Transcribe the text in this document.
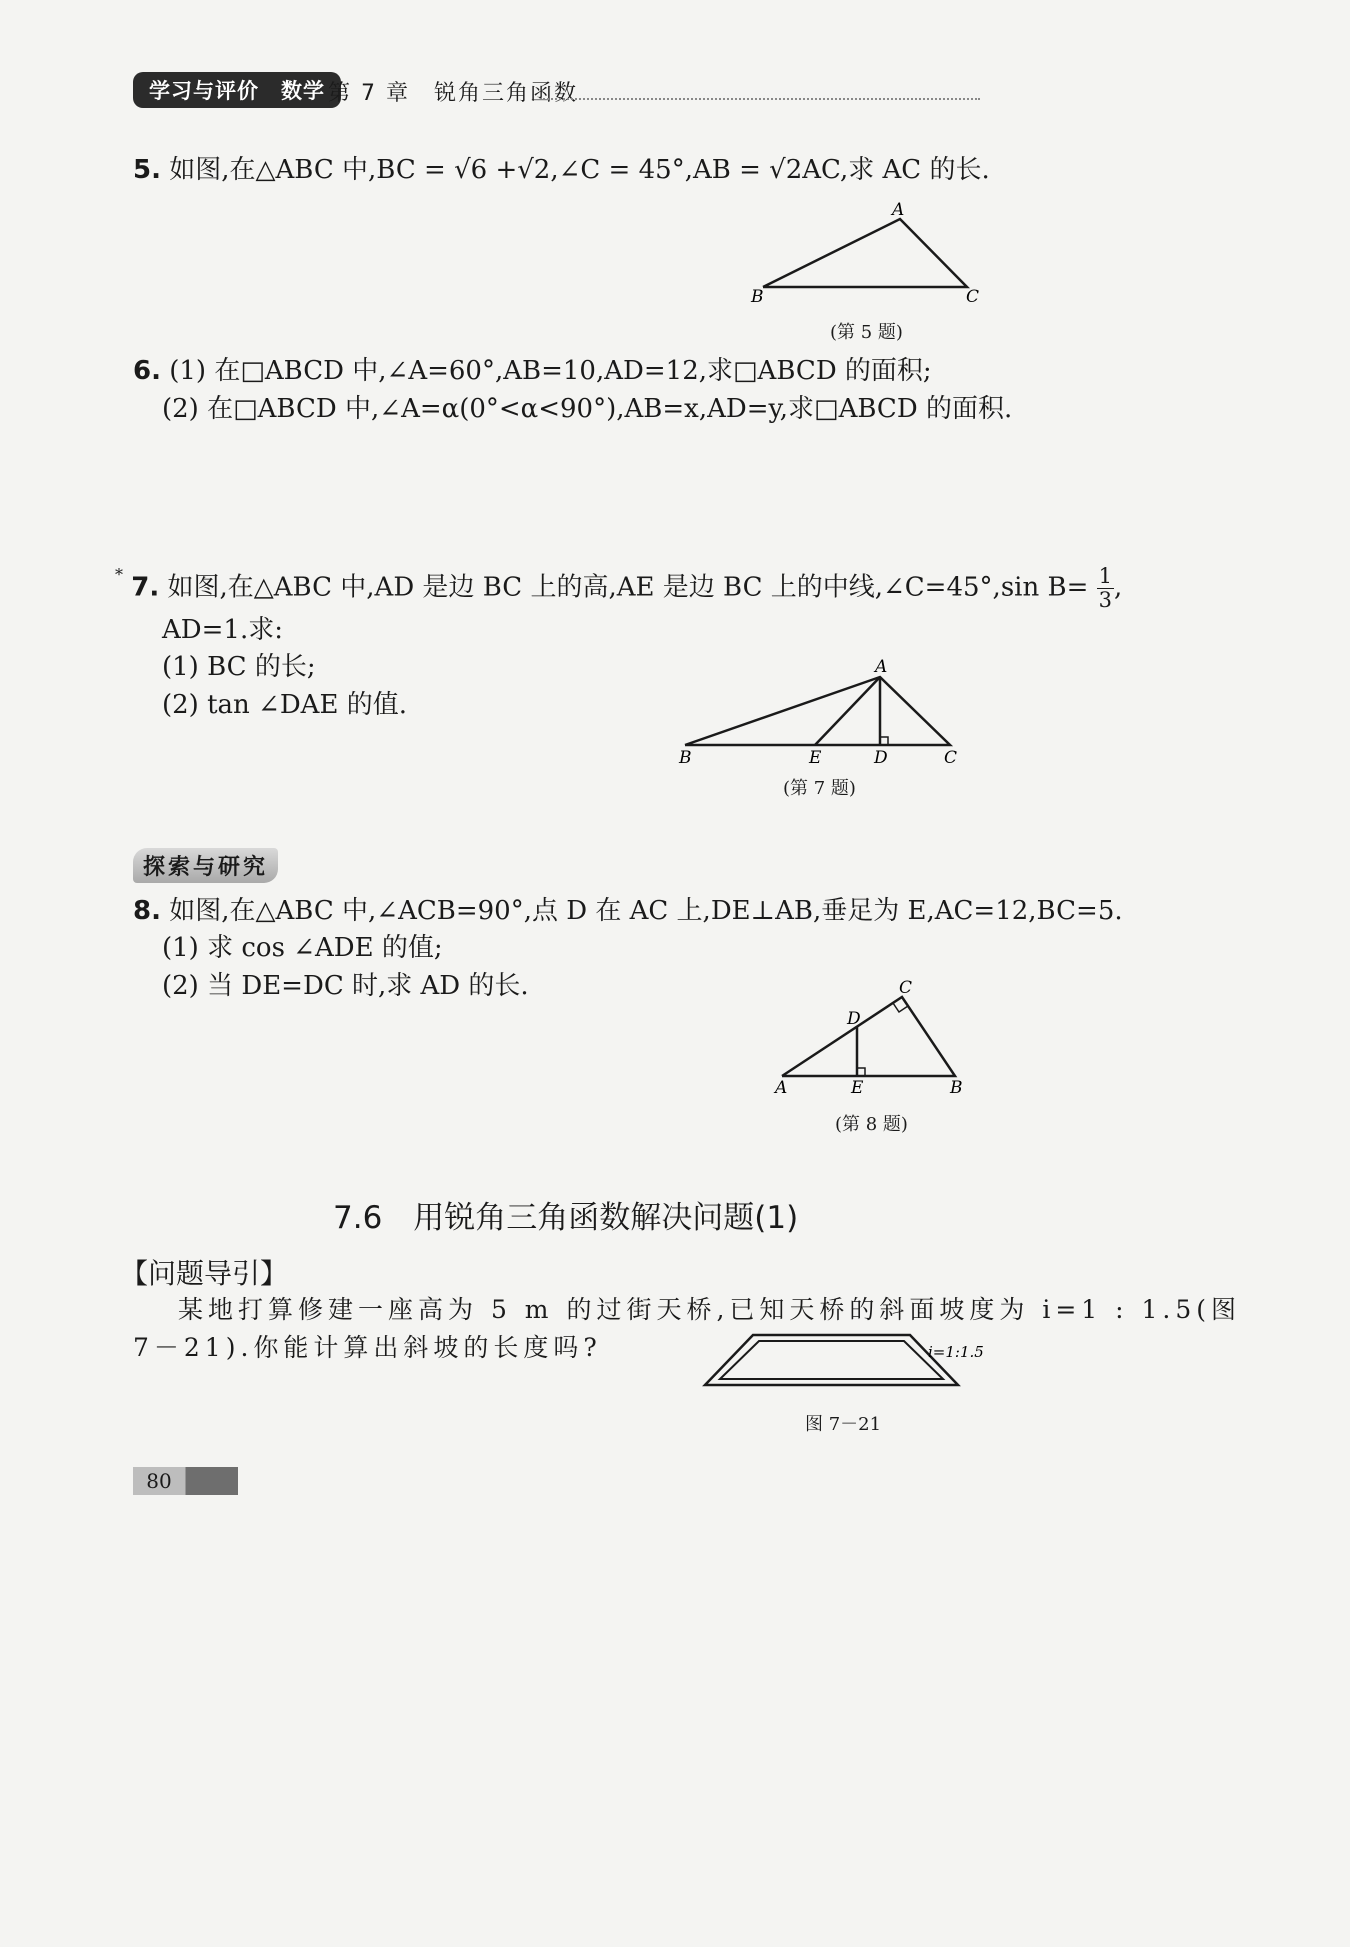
学习与评价　数学 第 7 章　锐角三角函数
5. 如图,在△ABC 中,BC = √6 +√2,∠C = 45°,AB = √2AC,求 AC 的长.
A
B	C
(第 5 题)
6. (1) 在□ABCD 中,∠A=60°,AB=10,AD=12,求□ABCD 的面积;
(2) 在□ABCD 中,∠A=α(0°<α<90°),AB=x,AD=y,求□ABCD 的面积.
* 7. 如图,在△ABC 中,AD 是边 BC 上的高,AE 是边 BC 上的中线,∠C=45°,sin $B= \frac{1}{3}$ ,
AD=1.求:
(1) BC 的长;
(2) tan ∠DAE 的值.
A
B	E	D	C
(第 7 题)
探索与研究
8. 如图,在△ABC 中,∠ACB=90°,点 D 在 AC 上,DE⊥AB,垂足为 E,AC=12,BC=5.
(1) 求 cos ∠ADE 的值;
(2) 当 DE=DC 时,求 AD 的长.	C
D
A	E	B
(第 8 题)
7.6　用锐角三角函数解决问题(1)
【问题导引】
某地打算修建一座高为 5 m 的过街天桥,已知天桥的斜面坡度为 i=1 : 1.5(图
7－21).你能计算出斜坡的长度吗?	i=1:1.5
图 7－21
80
